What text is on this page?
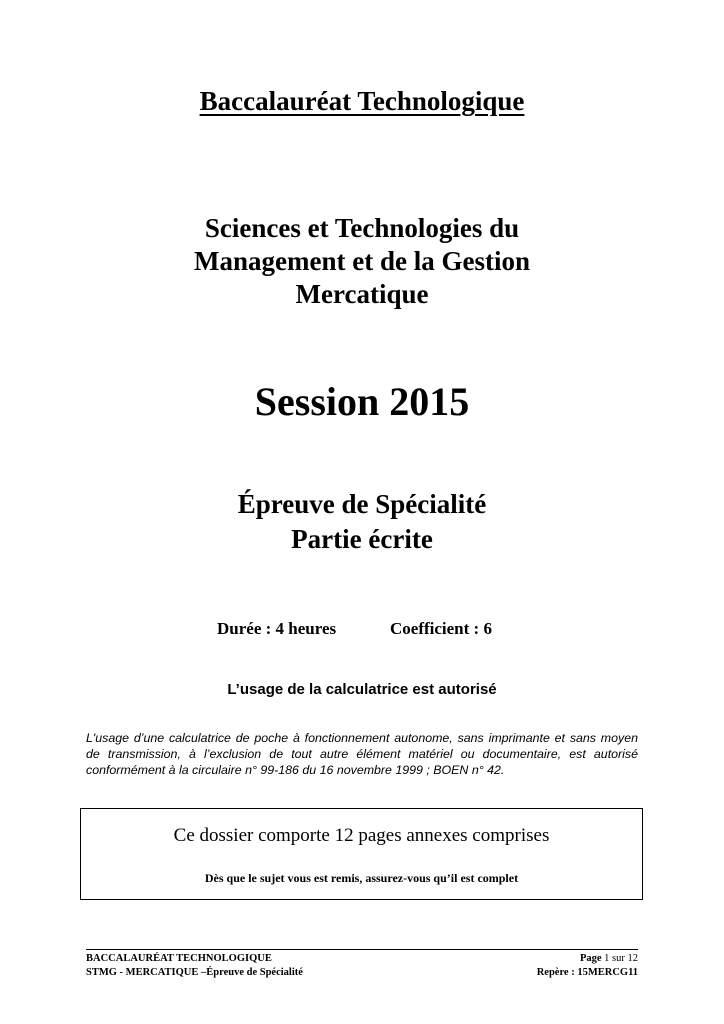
Baccalauréat Technologique
Sciences et Technologies du
Management et de la Gestion
Mercatique
Session 2015
Épreuve de Spécialité
Partie écrite
Durée : 4 heures	Coefficient : 6
L’usage de la calculatrice est autorisé
L'usage d’une calculatrice de poche à fonctionnement autonome, sans imprimante et sans moyen de transmission, à l’exclusion de tout autre élément matériel ou documentaire, est autorisé conformément à la circulaire n° 99-186 du 16 novembre 1999 ; BOEN n° 42.
Ce dossier comporte 12 pages annexes comprises
Dès que le sujet vous est remis, assurez-vous qu’il est complet
BACCALAURÉAT TECHNOLOGIQUE
STMG - MERCATIQUE –Épreuve de Spécialité
Page 1 sur 12
Repère : 15MERCG11
